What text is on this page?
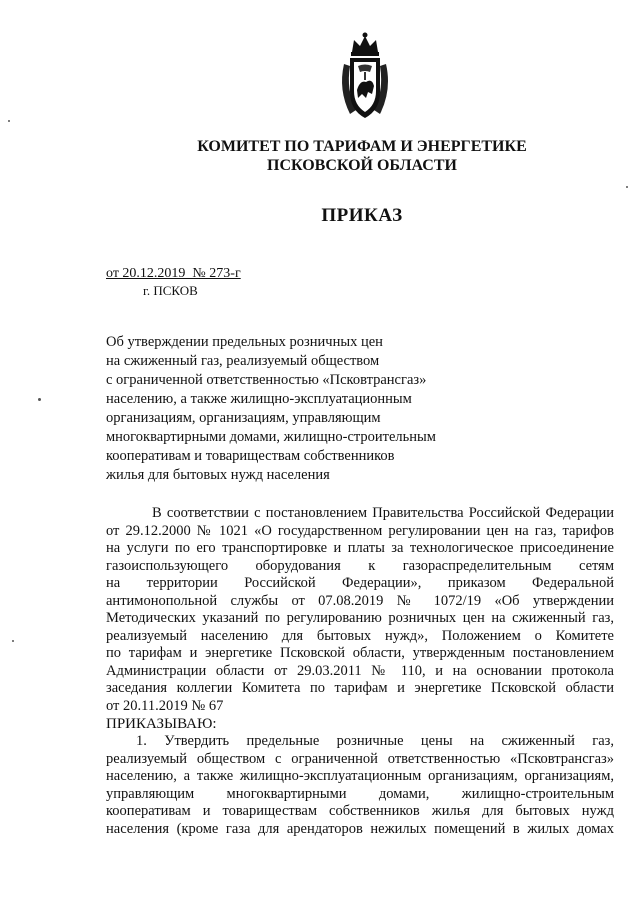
КОМИТЕТ ПО ТАРИФАМ И ЭНЕРГЕТИКЕ
ПСКОВСКОЙ ОБЛАСТИ
ПРИКАЗ
от 20.12.2019  № 273-г
г. ПСКОВ
Об утверждении предельных розничных цен
на сжиженный газ, реализуемый обществом
с ограниченной ответственностью «Псковтрансгаз»
населению, а также жилищно-эксплуатационным
организациям, организациям, управляющим
многоквартирными домами, жилищно-строительным
кооперативам и товариществам собственников
жилья для бытовых нужд населения
В соответствии с постановлением Правительства Российской Федерации
от 29.12.2000 № 1021 «О государственном регулировании цен на газ, тарифов
на услуги по его транспортировке и платы за технологическое присоединение
газоиспользующего оборудования к газораспределительным сетям
на территории Российской Федерации», приказом Федеральной
антимонопольной службы от 07.08.2019 № 1072/19 «Об утверждении
Методических указаний по регулированию розничных цен на сжиженный газ,
реализуемый населению для бытовых нужд», Положением о Комитете
по тарифам и энергетике Псковской области, утвержденным постановлением
Администрации области от 29.03.2011 № 110, и на основании протокола
заседания коллегии Комитета по тарифам и энергетике Псковской области
от 20.11.2019 № 67
ПРИКАЗЫВАЮ:
1. Утвердить предельные розничные цены на сжиженный газ,
реализуемый обществом с ограниченной ответственностью «Псковтрансгаз»
населению, а также жилищно-эксплуатационным организациям, организациям,
управляющим многоквартирными домами, жилищно-строительным
кооперативам и товариществам собственников жилья для бытовых нужд
населения (кроме газа для арендаторов нежилых помещений в жилых домах
